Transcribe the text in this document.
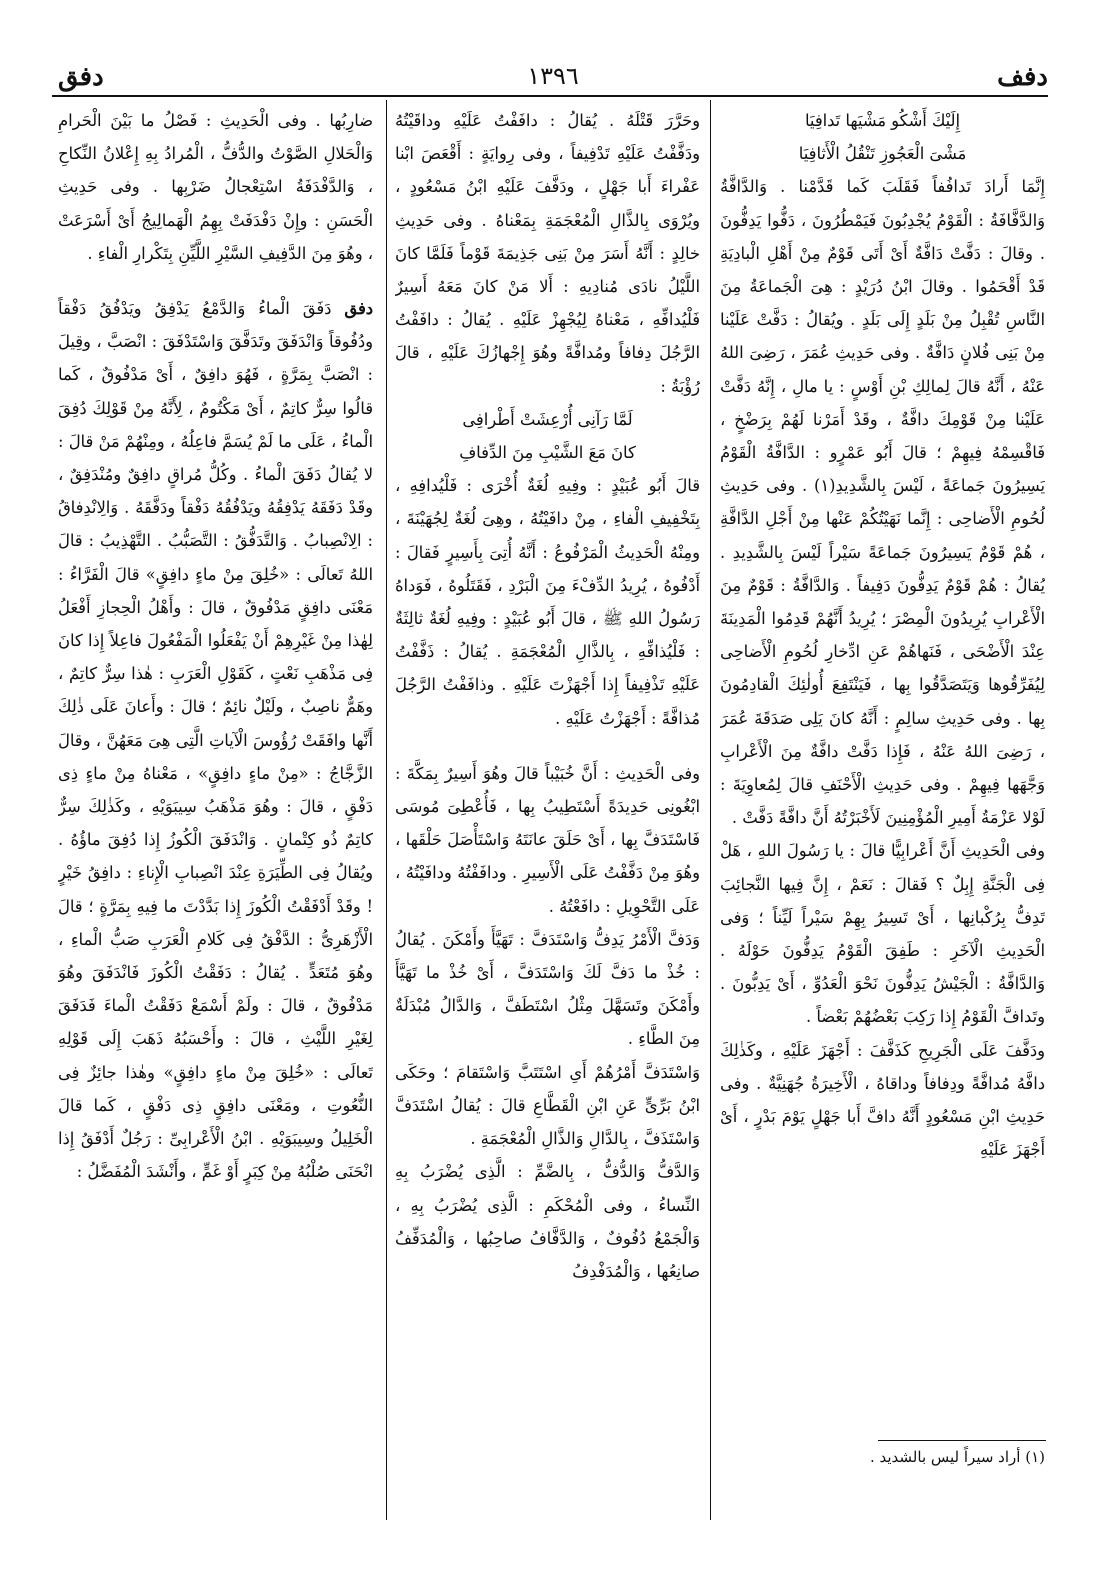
دفف
١٣٩٦
دفق

إِلَيْكَ أَشْكُو مَشْيَها تَدافِيَا

مَشْىَ الْعَجُوزِ تَنْقُلُ الْأَثافِيَا

إِنَّمَا أَرادَ تَدافُفاً فَقَلَبَ كَما قَدَّمْنا . وَالدَّافَّةُ وَالدَّفَّافَةُ : الْقَوْمُ يُجْدِبُونَ فَيَمْطُرُونَ ، دَفُّوا يَدِفُّونَ . وقالَ : دَفَّتْ دَافَّةٌ أَىْ أَتَى قَوْمٌ مِنْ أَهْلِ الْبادِيَةِ قَدْ أَقْحَمُوا . وقالَ ابْنُ دُرَيْدٍ : هِىَ الْجَماعَةُ مِنَ النَّاسِ تُقْبِلُ مِنْ بَلَدٍ إِلَى بَلَدٍ . ويُقالُ : دَفَّتْ عَلَيْنا مِنْ بَنِى فُلانٍ دَافَّةٌ . وفى حَدِيثِ عُمَرَ ، رَضِىَ اللهُ عَنْهُ ، أَنَّهُ قالَ لِمالِكِ بْنِ أَوْسٍ : يا مالِ ، إِنَّهُ دَفَّتْ عَلَيْنا مِنْ قَوْمِكَ دافَّةٌ ، وقَدْ أَمَرْنا لَهُمْ بِرَضْخٍ ، فَاقْسِمْهُ فِيهِمْ ؛ قالَ أَبُو عَمْرٍو : الدَّافَّةُ الْقَوْمُ يَسِيرُونَ جَماعَةً ، لَيْسَ بِالشَّدِيدِ(١) . وفى حَدِيثِ لُحُومِ الْأَضاحِى : إِنَّما نَهَيْتُكُمْ عَنْها مِنْ أَجْلِ الدَّافَّةِ ، هُمْ قَوْمٌ يَسِيرُونَ جَماعَةً سَيْراً لَيْسَ بِالشَّدِيدِ . يُقالُ : هُمْ قَوْمٌ يَدِفُّونَ دَفِيفاً . وَالدَّافَّةُ : قَوْمٌ مِنَ الْأَعْرابِ يُرِيدُونَ الْمِصْرَ ؛ يُرِيدُ أَنَّهُمْ قَدِمُوا الْمَدِينَةَ عِنْدَ الْأَضْحَى ، فَنَهاهُمْ عَنِ ادِّخارِ لُحُومِ الْأَضاحِى لِيُفَرِّقُوها وَيَتَصَدَّقُوا بِها ، فَيَنْتَفِعَ أُولٰئِكَ الْقادِمُونَ بِها . وفى حَدِيثِ سالِمٍ : أَنَّهُ كانَ يَلِى صَدَقَةَ عُمَرَ ، رَضِىَ اللهُ عَنْهُ ، فَإِذا دَفَّتْ دافَّةٌ مِنَ الْأَعْرابِ وَجَّهَها فِيهِمْ . وفى حَدِيثِ الْأَحْنَفِ قالَ لِمُعاوِيَةَ : لَوْلا عَزْمَةُ أَمِيرِ الْمُؤْمِنِينَ لَأَخْبَرْتُهُ أَنَّ دافَّةً دَفَّتْ .

وفى الْحَدِيثِ أَنَّ أَعْرابِيًّا قالَ : يا رَسُولَ اللهِ ، هَلْ فِى الْجَنَّةِ إِبِلٌ ؟ فَقالَ : نَعَمْ ، إِنَّ فِيها النَّجائِبَ تَدِفُّ بِرُكْبانِها ، أَىْ تَسِيرُ بِهِمْ سَيْراً لَيِّناً ؛ وَفى الْحَدِيثِ الْآخَرِ : طَفِقَ الْقَوْمُ يَدِفُّونَ حَوْلَهُ . وَالدَّافَّةُ : الْجَيْشُ يَدِفُّونَ نَحْوَ الْعَدُوِّ ، أَىْ يَدِبُّونَ . وتَدافَّ الْقَوْمُ إِذا رَكِبَ بَعْضُهُمْ بَعْضاً .

ودَفَّفَ عَلَى الْجَرِيحِ كَذَفَّفَ : أَجْهَزَ عَلَيْهِ ، وكَذٰلِكَ دافَّهُ مُدافَّةً ودِفافاً وداقاهُ ، الْأَخِيرَةُ جُهَنِيَّةٌ . وفى حَدِيثِ ابْنِ مَسْعُودٍ أَنَّهُ دافَّ أَبا جَهْلٍ يَوْمَ بَدْرٍ ، أَىْ أَجْهَزَ عَلَيْهِ

وحَرَّرَ قَتْلَهُ . يُقالُ : دافَفْتُ عَلَيْهِ وداقَيْتُهُ ودَفَّفْتُ عَلَيْهِ تَدْفِيفاً ، وفى رِوايَةٍ : أَقْعَصَ ابْنا عَفْراءَ أَبا جَهْلٍ ، ودَفَّفَ عَلَيْهِ ابْنُ مَسْعُودٍ ، ويُرْوَى بِالذَّالِ الْمُعْجَمَةِ بِمَعْناهُ . وفى حَدِيثِ خالِدٍ : أَنَّهُ أَسَرَ مِنْ بَنِى جَذِيمَةَ قَوْماً فَلَمَّا كانَ اللَّيْلُ نادَى مُنادِيهِ : أَلا مَنْ كانَ مَعَهُ أَسِيرٌ فَلْيُدافِّهِ ، مَعْناهُ لِيُجْهِزْ عَلَيْهِ . يُقالُ : دافَفْتُ الرَّجُلَ دِفافاً ومُدافَّةً وهُوَ إِجْهازُكَ عَلَيْهِ ، قالَ رُؤْبَةُ :

لَمَّا رَآنِى أُرْعِشَتْ أَطْرافِى

كانَ مَعَ الشَّيْبِ مِنَ الدِّفافِ

قالَ أَبُو عُبَيْدٍ : وفِيهِ لُغَةٌ أُخْرَى : فَلْيُدافِهِ ، بِتَخْفِيفِ الْفاءِ ، مِنْ دافَيْتُهُ ، وهِىَ لُغَةٌ لِجُهَيْنَةَ ، ومِنْهُ الْحَدِيثُ الْمَرْفُوعُ : أَنَّهُ أُتِىَ بِأَسِيرٍ فَقالَ : أَدْفُوهُ ، يُرِيدُ الدِّفْءَ مِنَ الْبَرْدِ ، فَقَتَلُوهُ ، فَوَداهُ رَسُولُ اللهِ ﷺ ، قالَ أَبُو عُبَيْدٍ : وفِيهِ لُغَةٌ ثالِثَةٌ : فَلْيُذافِّهِ ، بِالذَّالِ الْمُعْجَمَةِ . يُقالُ : ذَفَّفْتُ عَلَيْهِ تَذْفِيفاً إِذا أَجْهَزْتَ عَلَيْهِ . وذافَفْتُ الرَّجُلَ مُذافَّةً : أَجْهَزْتُ عَلَيْهِ .

وفى الْحَدِيثِ : أَنَّ خُبَيْباً قالَ وهُوَ أَسِيرٌ بِمَكَّةَ : ابْغُونِى حَدِيدَةً أَسْتَطِيبُ بِها ، فَأُعْطِىَ مُوسَى فَاسْتَدَفَّ بِها ، أَىْ حَلَقَ عانَتَهُ وَاسْتَأْصَلَ حَلْقَها ، وهُوَ مِنْ دَفَّفْتُ عَلَى الْأَسِيرِ . ودافَفْتُهُ ودافَيْتُهُ ، عَلَى التَّحْوِيلِ : دافَعْتُهُ .

وَدَفَّ الْأَمْرُ يَدِفُّ وَاسْتَدَفَّ : تَهَيَّأَ وأَمْكَنَ . يُقالُ : خُذْ ما دَفَّ لَكَ وَاسْتَدَفَّ ، أَىْ خُذْ ما تَهَيَّأَ وأَمْكَنَ وتَسَهَّلَ مِثْلُ اسْتَطَفَّ ، وَالدَّالُ مُبْدَلَةٌ مِنَ الطَّاءِ .

وَاسْتَدَفَّ أَمْرُهُمْ أَىِ اسْتَتَبَّ وَاسْتَقامَ ؛ وحَكَى ابْنُ بَرِّىٍّ عَنِ ابْنِ الْقَطَّاعِ قالَ : يُقالُ اسْتَدَفَّ وَاسْتَذَفَّ ، بِالدَّالِ وَالذَّالِ الْمُعْجَمَةِ .

وَالدَّفُّ وَالدُّفُّ ، بِالضَّمِّ : الَّذِى يُضْرَبُ بِهِ النِّساءُ ، وفى الْمُحْكَمِ : الَّذِى يُضْرَبُ بِهِ ، وَالْجَمْعُ دُفُوفٌ ، وَالدَّفَّافُ صاحِبُها ، وَالْمُدَفِّفُ صانِعُها ، وَالْمُدَفْدِفُ

ضارِبُها . وفى الْحَدِيثِ : فَصْلُ ما بَيْنَ الْحَرامِ وَالْحَلالِ الصَّوْتُ والدُّفُّ ، الْمُرادُ بِهِ إِعْلانُ النِّكاحِ ، وَالدَّفْدَفَةُ اسْتِعْجالُ ضَرْبِها . وفى حَدِيثِ الْحَسَنِ : وإِنْ دَفْدَفَتْ بِهِمُ الْهَمالِيجُ أَىْ أَسْرَعَتْ ، وهُوَ مِنَ الدَّفِيفِ السَّيْرِ اللَّيِّنِ بِتَكْرارِ الْفاءِ .

دفق دَفَقَ الْماءُ وَالدَّمْعُ يَدْفِقُ ويَدْفُقُ دَفْقاً ودُفُوقاً وَانْدَفَقَ وتَدَفَّقَ وَاسْتَدْفَقَ : انْصَبَّ ، وقِيلَ : انْصَبَّ بِمَرَّةٍ ، فَهُوَ دافِقٌ ، أَىْ مَدْفُوقٌ ، كَما قالُوا سِرٌّ كاتِمٌ ، أَىْ مَكْتُومٌ ، لِأَنَّهُ مِنْ قَوْلِكَ دُفِقَ الْماءُ ، عَلَى ما لَمْ يُسَمَّ فاعِلُهُ ، ومِنْهُمْ مَنْ قالَ : لا يُقالُ دَفَقَ الْماءُ . وكُلُّ مُراقٍ دافِقٌ ومُنْدَفِقٌ ، وقَدْ دَفَقَهُ يَدْفِقُهُ ويَدْفُقُهُ دَفْقاً ودَفَّقَهُ . وَالِانْدِفاقُ : الِانْصِبابُ . وَالتَّدَفُّقُ : التَّصَبُّبُ . التَّهْذِيبُ : قالَ اللهُ تَعالَى : «خُلِقَ مِنْ ماءٍ دافِقٍ» قالَ الْفَرَّاءُ : مَعْنَى دافِقٍ مَدْفُوقٌ ، قالَ : وأَهْلُ الْحِجازِ أَفْعَلُ لِهٰذا مِنْ غَيْرِهِمْ أَنْ يَفْعَلُوا الْمَفْعُولَ فاعِلاً إِذا كانَ فِى مَذْهَبِ نَعْتٍ ، كَقَوْلِ الْعَرَبِ : هٰذا سِرٌّ كاتِمٌ ، وهَمٌّ ناصِبٌ ، ولَيْلٌ نائِمٌ ؛ قالَ : وأَعانَ عَلَى ذٰلِكَ أَنَّها وافَقَتْ رُؤُوسَ الْآياتِ الَّتِى هِىَ مَعَهُنَّ ، وقالَ الزَّجَّاجُ : «مِنْ ماءٍ دافِقٍ» ، مَعْناهُ مِنْ ماءٍ ذِى دَفْقٍ ، قالَ : وهُوَ مَذْهَبُ سِيبَوَيْهِ ، وكَذٰلِكَ سِرٌّ كاتِمٌ ذُو كِتْمانٍ . وَانْدَفَقَ الْكُوزُ إِذا دُفِقَ ماؤُهُ . ويُقالُ فِى الطِّيَرَةِ عِنْدَ انْصِبابِ الْإِناءِ : دافِقُ خَيْرٍ ! وقَدْ أَدْفَقْتُ الْكُوزَ إِذا بَدَّدْتَ ما فِيهِ بِمَرَّةٍ ؛ قالَ الْأَزْهَرِىُّ : الدَّفْقُ فِى كَلامِ الْعَرَبِ صَبُّ الْماءِ ، وهُوَ مُتَعَدٍّ . يُقالُ : دَفَقْتُ الْكُوزَ فَانْدَفَقَ وهُوَ مَدْفُوقٌ ، قالَ : ولَمْ أَسْمَعْ دَفَقْتُ الْماءَ فَدَفَقَ لِغَيْرِ اللَّيْثِ ، قالَ : وأَحْسَبُهُ ذَهَبَ إِلَى قَوْلِهِ تَعالَى : «خُلِقَ مِنْ ماءٍ دافِقٍ» وهٰذا جائِزٌ فِى النُّعُوتِ ، ومَعْنَى دافِقٍ ذِى دَفْقٍ ، كَما قالَ الْخَلِيلُ وسِيبَوَيْهِ . ابْنُ الْأَعْرابِىِّ : رَجُلٌ أَدْفَقُ إِذا انْحَنَى صُلْبُهُ مِنْ كِبَرٍ أَوْ غَمٍّ ، وأَنْشَدَ الْمُفَضَّلُ :

(١) أراد سيراً ليس بالشديد .
